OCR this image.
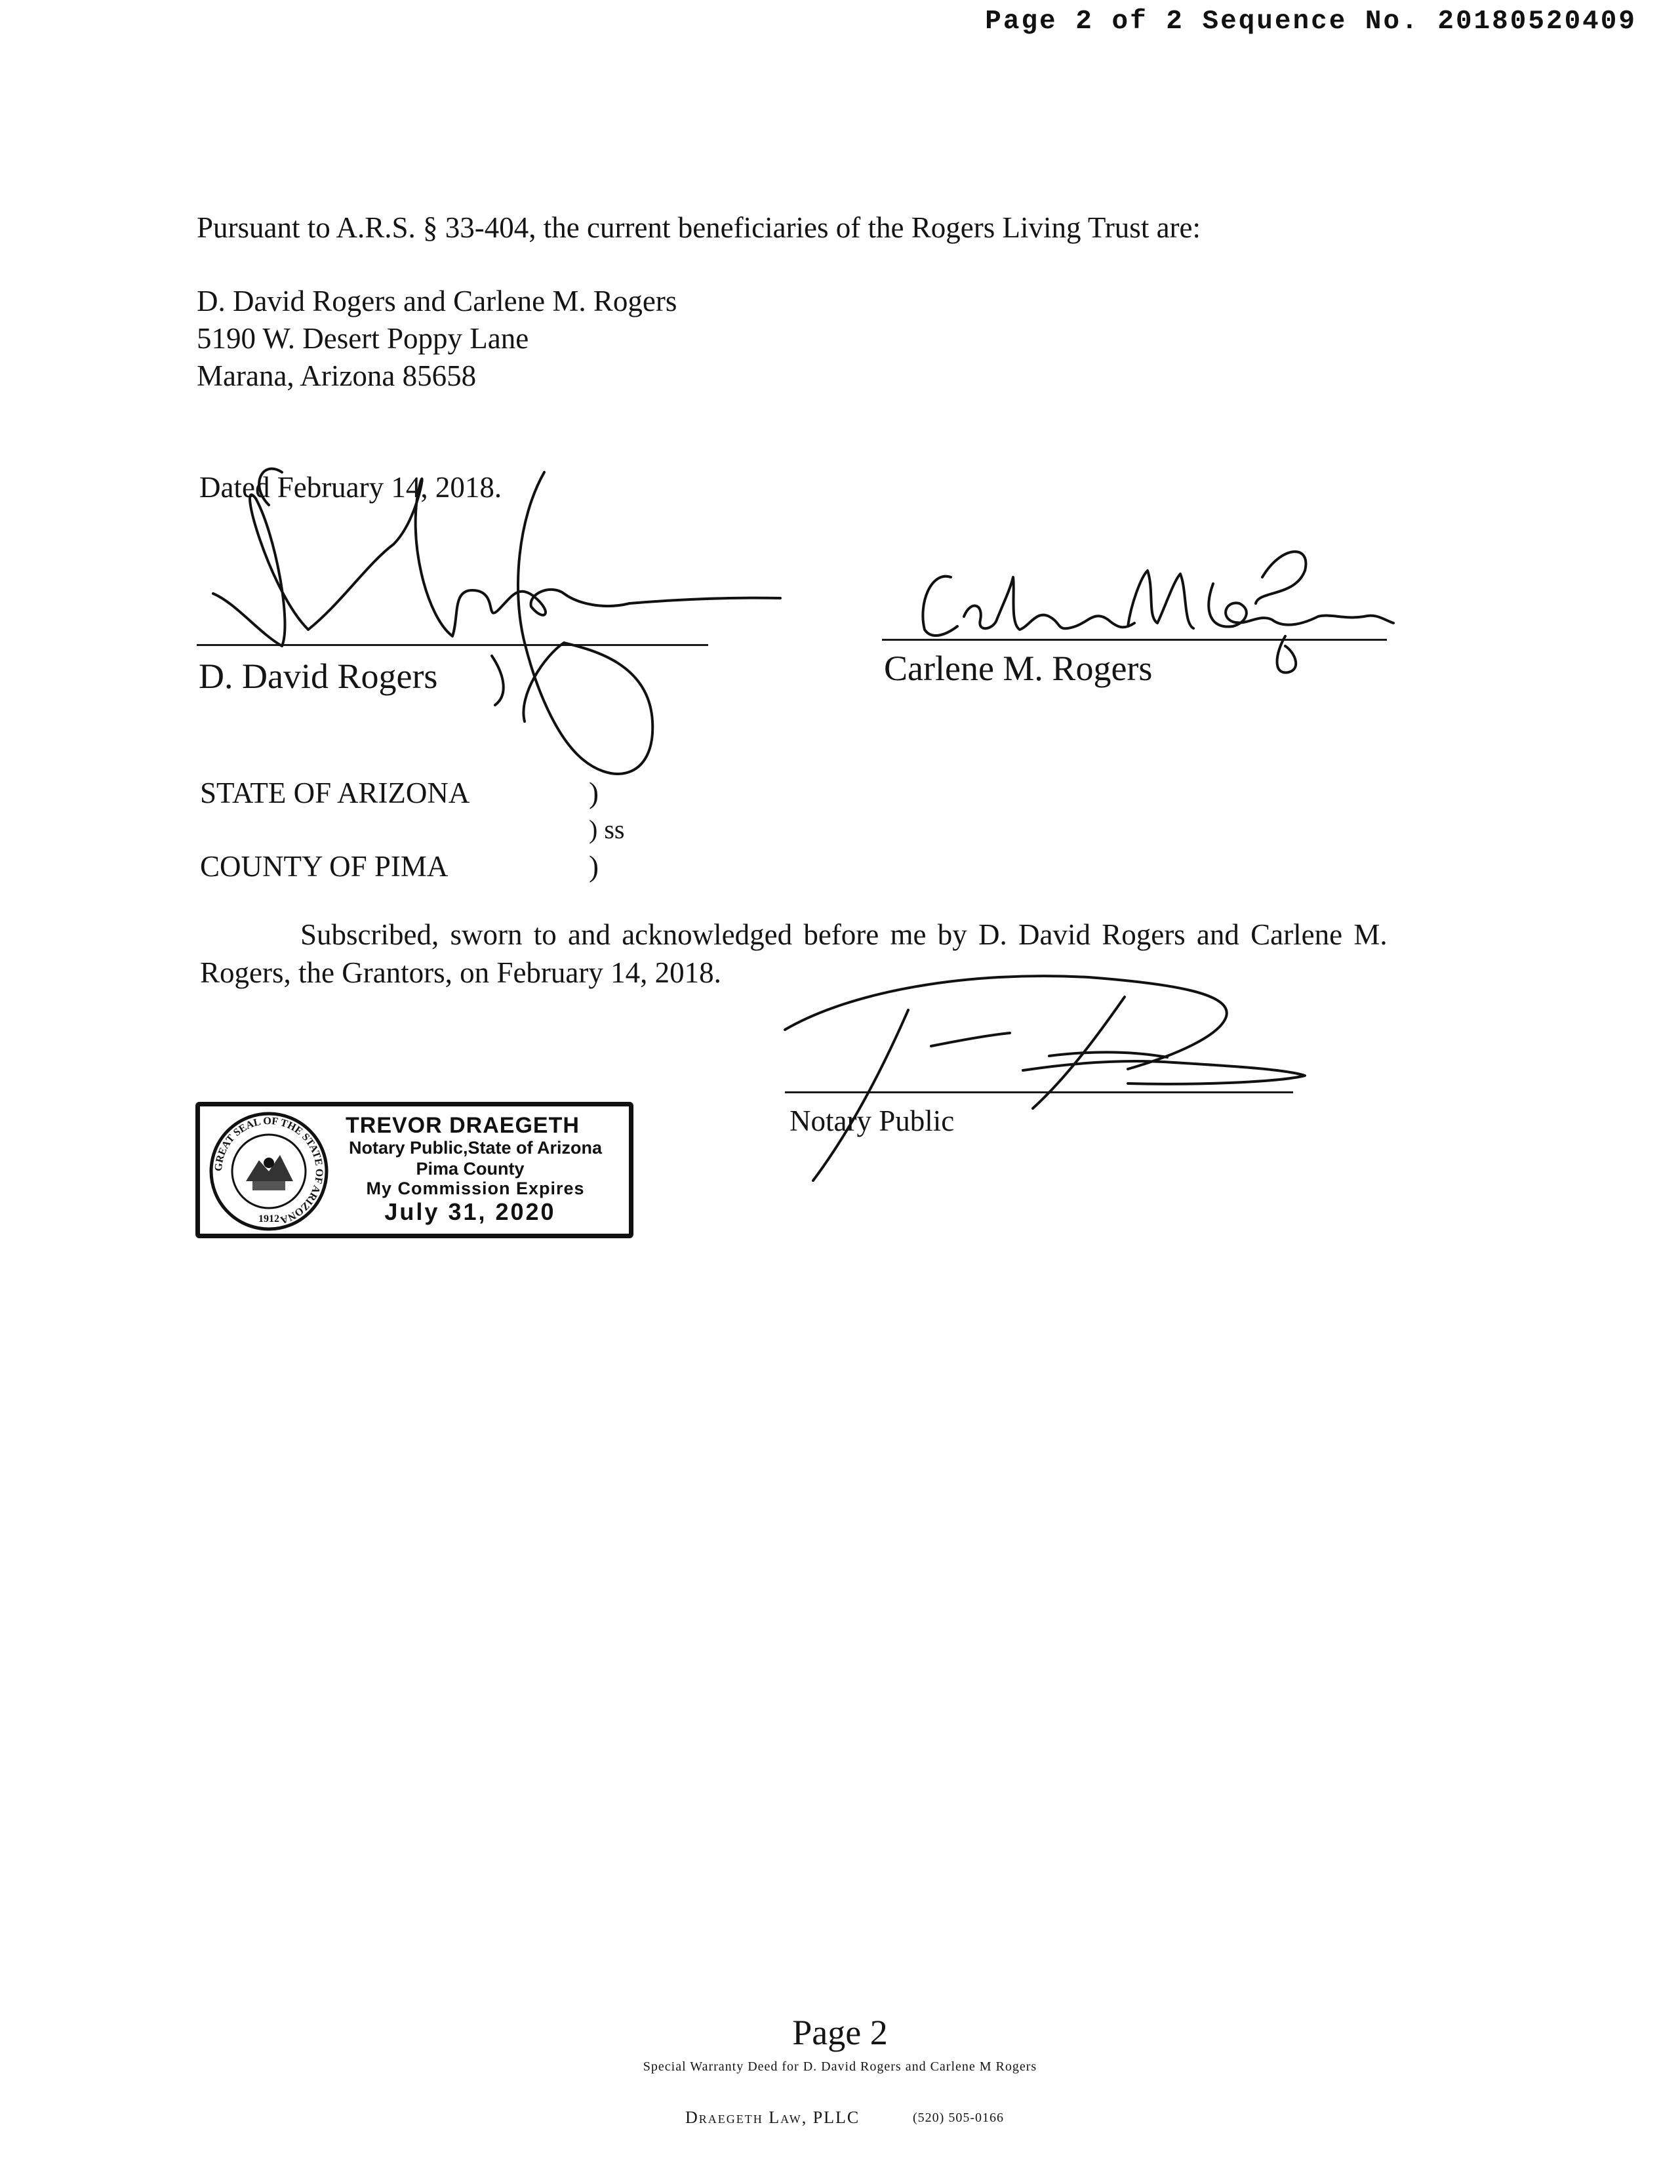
Page 2 of 2 Sequence No. 20180520409
Pursuant to A.R.S. § 33-404, the current beneficiaries of the Rogers Living Trust are:
D. David Rogers and Carlene M. Rogers
5190 W. Desert Poppy Lane
Marana, Arizona 85658
Dated February 14, 2018.
D. David Rogers	Carlene M. Rogers
STATE OF ARIZONA	)
) ss
COUNTY OF PIMA	)
Subscribed, sworn to and acknowledged before me by D. David Rogers and Carlene M.
Rogers, the Grantors, on February 14, 2018.
Notary Public
GREAT SEAL OF THE STATE OF ARIZONA
1912
TREVOR DRAEGETH
Notary Public,State of Arizona
Pima County
My Commission Expires
July 31, 2020
Page 2
Special Warranty Deed for D. David Rogers and Carlene M Rogers
Draegeth Law, PLLC	(520) 505-0166
